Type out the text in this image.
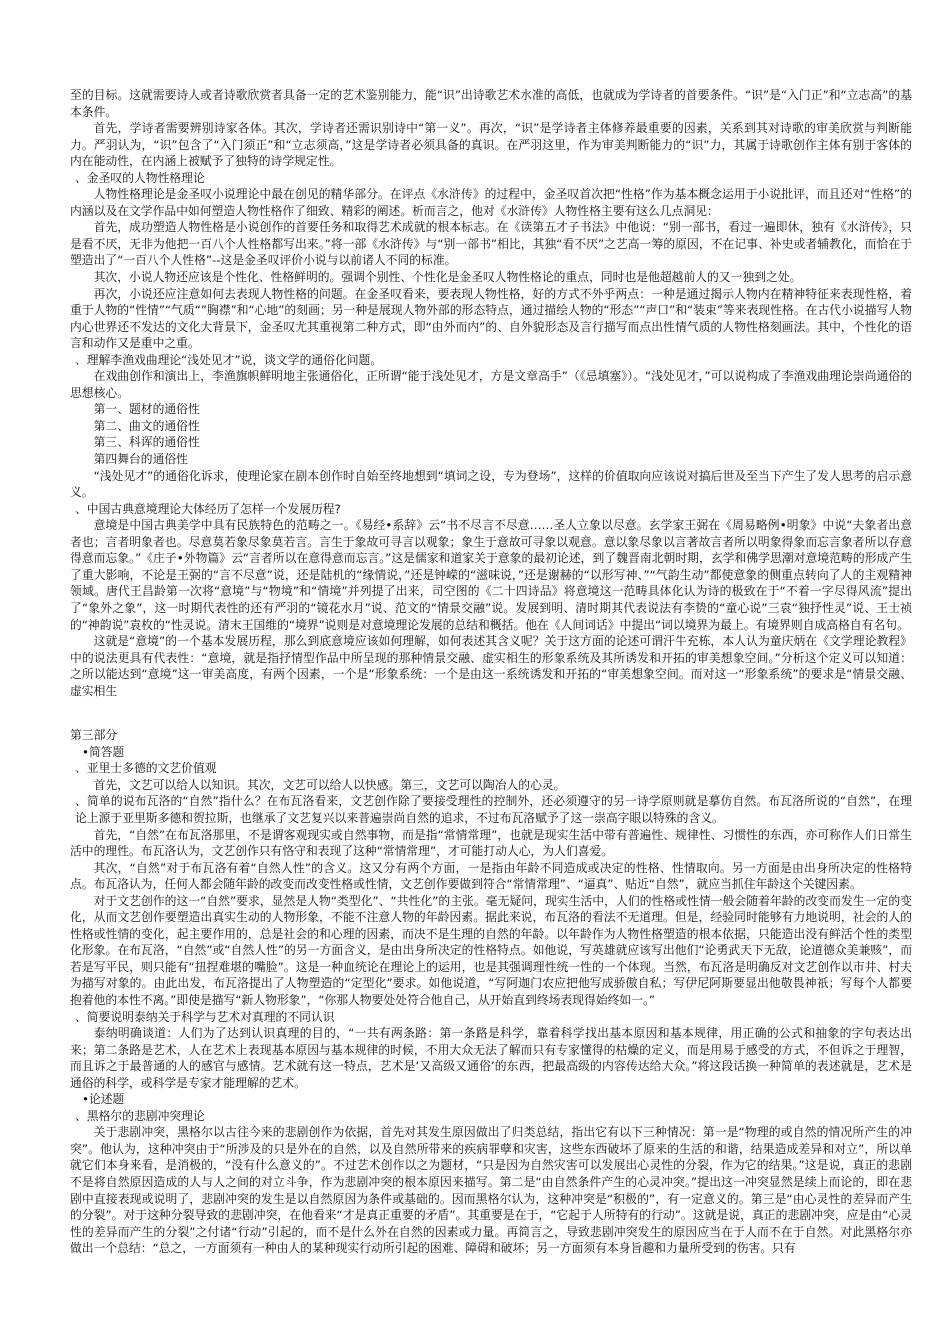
至的目标。这就需要诗人或者诗歌欣赏者具备一定的艺术鉴别能力，能“识”出诗歌艺术水准的高低，也就成为学诗者的首要条件。“识”是“入门正”和“立志高”的基本条件。

首先，学诗者需要辨别诗家各体。其次，学诗者还需识别诗中“第一义”。再次，“识”是学诗者主体修养最重要的因素，关系到其对诗歌的审美欣赏与判断能力。严羽认为，“识”包含了“入门须正”和“立志须高，”这是学诗者必须具备的真识。在严羽这里，作为审美判断能力的“识”力，其属于诗歌创作主体有别于客体的内在能动性，在内涵上被赋予了独特的诗学规定性。

、金圣叹的人物性格理论

人物性格理论是金圣叹小说理论中最在创见的精华部分。在评点《水浒传》的过程中，金圣叹首次把“性格”作为基本概念运用于小说批评，而且还对“性格”的内涵以及在文学作品中如何塑造人物性格作了细致、精彩的阐述。析而言之，他对《水浒传》人物性格主要有这么几点洞见：

首先，成功塑造人物性格是小说创作的首要任务和取得艺术成就的根本标志。在《读第五才子书法》中他说：“别一部书，看过一遍即休，独有《水浒传》，只是看不厌，无非为他把一百八个人性格都写出来。”将一部《水浒传》与“别一部书”相比，其独“看不厌”之艺高一筹的原因，不在记事、补史或者辅教化，而恰在于塑造出了“一百八个人性格”--这是金圣叹评价小说与以前诸人不同的标准。

其次，小说人物还应该是个性化、性格鲜明的。强调个别性、个性化是金圣叹人物性格论的重点，同时也是他超越前人的又一独到之处。

再次，小说还应注意如何去表现人物性格的问题。在金圣叹看来，要表现人物性格，好的方式不外乎两点：一种是通过揭示人物内在精神特征来表现性格，着重于人物的“性情”“气质“”胸襟”和“心地”的刻画；另一种是展现人物外部的形态特点，通过描绘人物的“形态”“声口”和“装束”等来表现性格。在古代小说描写人物内心世界还不发达的文化大背景下，金圣叹尤其重视第二种方式，即“由外而内”的、自外貌形态及言行描写而点出性情气质的人物性格刻画法。其中，个性化的语言和动作又是重中之重。

、理解李渔戏曲理论“浅处见才”说，谈文学的通俗化问题。

在戏曲创作和演出上，李渔旗帜鲜明地主张通俗化，正所谓“能于浅处见才，方是文章高手”（《忌填塞》）。“浅处见才，”可以说构成了李渔戏曲理论崇尚通俗的思想核心。

第一、题材的通俗性

第二、曲文的通俗性

第三、科诨的通俗性

第四舞台的通俗性

“浅处见才”的通俗化诉求，使理论家在剧本创作时自始至终地想到“填词之设，专为登场”，这样的价值取向应该说对搞后世及至当下产生了发人思考的启示意义。

、中国古典意境理论大体经历了怎样一个发展历程?

意境是中国古典美学中具有民族特色的范畴之一。《易经•系辞》云“书不尽言不尽意……圣人立象以尽意。玄学家王弼在《周易略例•明象》中说“夫象者出意者也；言者明象者也。尽意莫若象尽象莫若言。言生于象故可寻言以观象；象生于意故可寻象以观意。意以象尽象以言著故言者所以明象得象而忘言象者所以存意得意而忘象。”《庄子•外物篇》云“言者所以在意得意而忘言。”这是儒家和道家关于意象的最初论述，到了魏晋南北朝时期，玄学和佛学思潮对意境范畴的形成产生了重大影响，不论是王弼的“言不尽意”说，还是陆机的“缘情说，”还是钟嵘的“滋味说，”还是谢赫的“以形写神、”“气韵生动”都使意象的侧重点转向了人的主观精神领域。唐代王昌龄第一次将“意境”与“物境”和“情境”并列提了出来，司空图的《二十四诗品》将意境这一范畴具体化认为诗的极致在于“不着一字尽得风流”提出了“象外之象”，这一时期代表性的还有严羽的“镜花水月”说、范文的“情景交融”说。发展到明、清时期其代表说法有李贽的“童心说”三袁“独抒性灵”说、王士祯的“神韵说”袁枚的“性灵说。清末王国维的“境界”说则是对意境理论发展的总结和概括。他在《人间词话》中提出“词以境界为最上。有境界则自成高格自有名句。

这就是“意境”的一个基本发展历程，那么到底意境应该如何理解，如何表述其含义呢？关于这方面的论述可谓汗牛充栋，本人认为童庆炳在《文学理论教程》中的说法更具有代表性：“意境，就是指抒情型作品中所呈现的那种情景交融、虚实相生的形象系统及其所诱发和开拓的审美想象空间。”分析这个定义可以知道：之所以能达到“意境”这一审美高度，有两个因素，一个是“形象系统：一个是由这一系统诱发和开拓的“审美想象空间。而对这一“形象系统”的要求是“情景交融、虚实相生

第三部分

•简答题

、亚里士多德的文艺价值观

首先，文艺可以给人以知识。其次，文艺可以给人以快感。第三，文艺可以陶冶人的心灵。

、简单的说布瓦洛的“自然”指什么？在布瓦洛看来，文艺创作除了要接受理性的控制外，还必须遵守的另一诗学原则就是摹仿自然。布瓦洛所说的“自然”，在理论上源于亚里斯多德和贺拉斯，也继承了文艺复兴以来普遍崇尚自然的追求，不过布瓦洛赋予了这一崇高字眼以特殊的含义。

首先，“自然”在布瓦洛那里，不是谓客观现实或自然事物，而是指“常情常理”，也就是现实生活中带有普遍性、规律性、习惯性的东西，亦可称作人们日常生活中的理性。布瓦洛认为，文艺创作只有恪守和表现了这种“常情常理”，才可能打动人心，为人们喜爱。

其次，“自然”对于布瓦洛有着“自然人性”的含义。这又分有两个方面，一是指由年龄不同造成或决定的性格、性情取向。另一方面是由出身所决定的性格特点。布瓦洛认为，任何人都会随年龄的改变而改变性格或性情，文艺创作要做到符合“常情常理”、“逼真”、贴近“自然”，就应当抓住年龄这个关键因素。

对于文艺创作的这一“自然”要求，显然是人物“类型化”、“共性化”的主张。毫无疑问，现实生活中，人们的性格或性情一般会随着年龄的改变而发生一定的变化，从而文艺创作要塑造出真实生动的人物形象，不能不注意人物的年龄因素。据此来说，布瓦洛的看法不无道理。但是，经验同时能够有力地说明，社会的人的性格或性情的变化，起主要作用的，总是社会的和心理的因素，而决不是生理的自然的年龄。以年龄作为人物性格塑造的根本依据，只能造出没有鲜活个性的类型化形象。在布瓦洛，“自然”或“自然人性”的另一方面含义，是由出身所决定的性格特点。如他说，写英雄就应该写出他们“论勇武天下无敌，论道德众美兼赅”，而若是写平民，则只能有“扭捏难堪的嘴脸”。这是一种血统论在理论上的运用，也是其强调理性统一性的一个体现。当然，布瓦洛是明确反对文艺创作以市井、村夫为描写对象的。由此出发，布瓦洛提出了人物塑造的“定型化”要求。如他说道，“写阿迦门农应把他写成骄傲自私；写伊尼阿斯要显出他敬畏神祇；写每个人都要抱着他的本性不离。”即使是描写“新人物形象”，“你那人物要处处符合他自己，从开始直到终场表现得始终如一。”

、简要说明泰纳关于科学与艺术对真理的不同认识

泰纳明确谈道：人们为了达到认识真理的目的，“一共有两条路：第一条路是科学，靠着科学找出基本原因和基本规律，用正确的公式和抽象的字句表达出来；第二条路是艺术，人在艺术上表现基本原因与基本规律的时候，不用大众无法了解而只有专家懂得的枯燥的定义，而是用易于感受的方式，不但诉之于理智，而且诉之于最普通的人的感官与感情。艺术就有这一特点，艺术是‘又高级又通俗’的东西，把最高级的内容传达给大众。”将这段话换一种简单的表述就是，艺术是通俗的科学，或科学是专家才能理解的艺术。

•论述题

、黑格尔的悲剧冲突理论

关于悲剧冲突，黑格尔以古往今来的悲剧创作为依据，首先对其发生原因做出了归类总结，指出它有以下三种情况：第一是“物理的或自然的情况所产生的冲突”。他认为，这种冲突由于“所涉及的只是外在的自然，以及自然所带来的疾病罪孽和灾害，这些东西破坏了原来的生活的和谐，结果造成差异和对立”，所以单就它们本身来看，是消极的，“没有什么意义的”。不过艺术创作以之为题材，“只是因为自然灾害可以发展出心灵性的分裂，作为它的结果。”这是说，真正的悲剧不是将自然原因造成的人与人之间的对立斗争，作为悲剧冲突的根本原因来描写。第二是“由自然条件产生的心灵冲突。”提出这一冲突显然是续上而论的，即在悲剧中直接表现或说明了，悲剧冲突的发生是以自然原因为条件或基础的。因而黑格尔认为，这种冲突是“积极的”，有一定意义的。第三是“由心灵性的差异而产生的分裂”。对于这种分裂导致的悲剧冲突，在他看来“才是真正重要的矛盾”。其重要是在于，“它起于人所特有的行动”。这就是说，真正的悲剧冲突，应是由“心灵性的差异而产生的分裂”之付诸“行动”引起的，而不是什么外在自然的因素或力量。再简言之，导致悲剧冲突发生的原因应当在于人而不在于自然。对此黑格尔亦做出一个总结：“总之，一方面须有一种由人的某种现实行动所引起的困难、障碍和破坏；另一方面须有本身旨趣和力量所受到的伤害。只有
